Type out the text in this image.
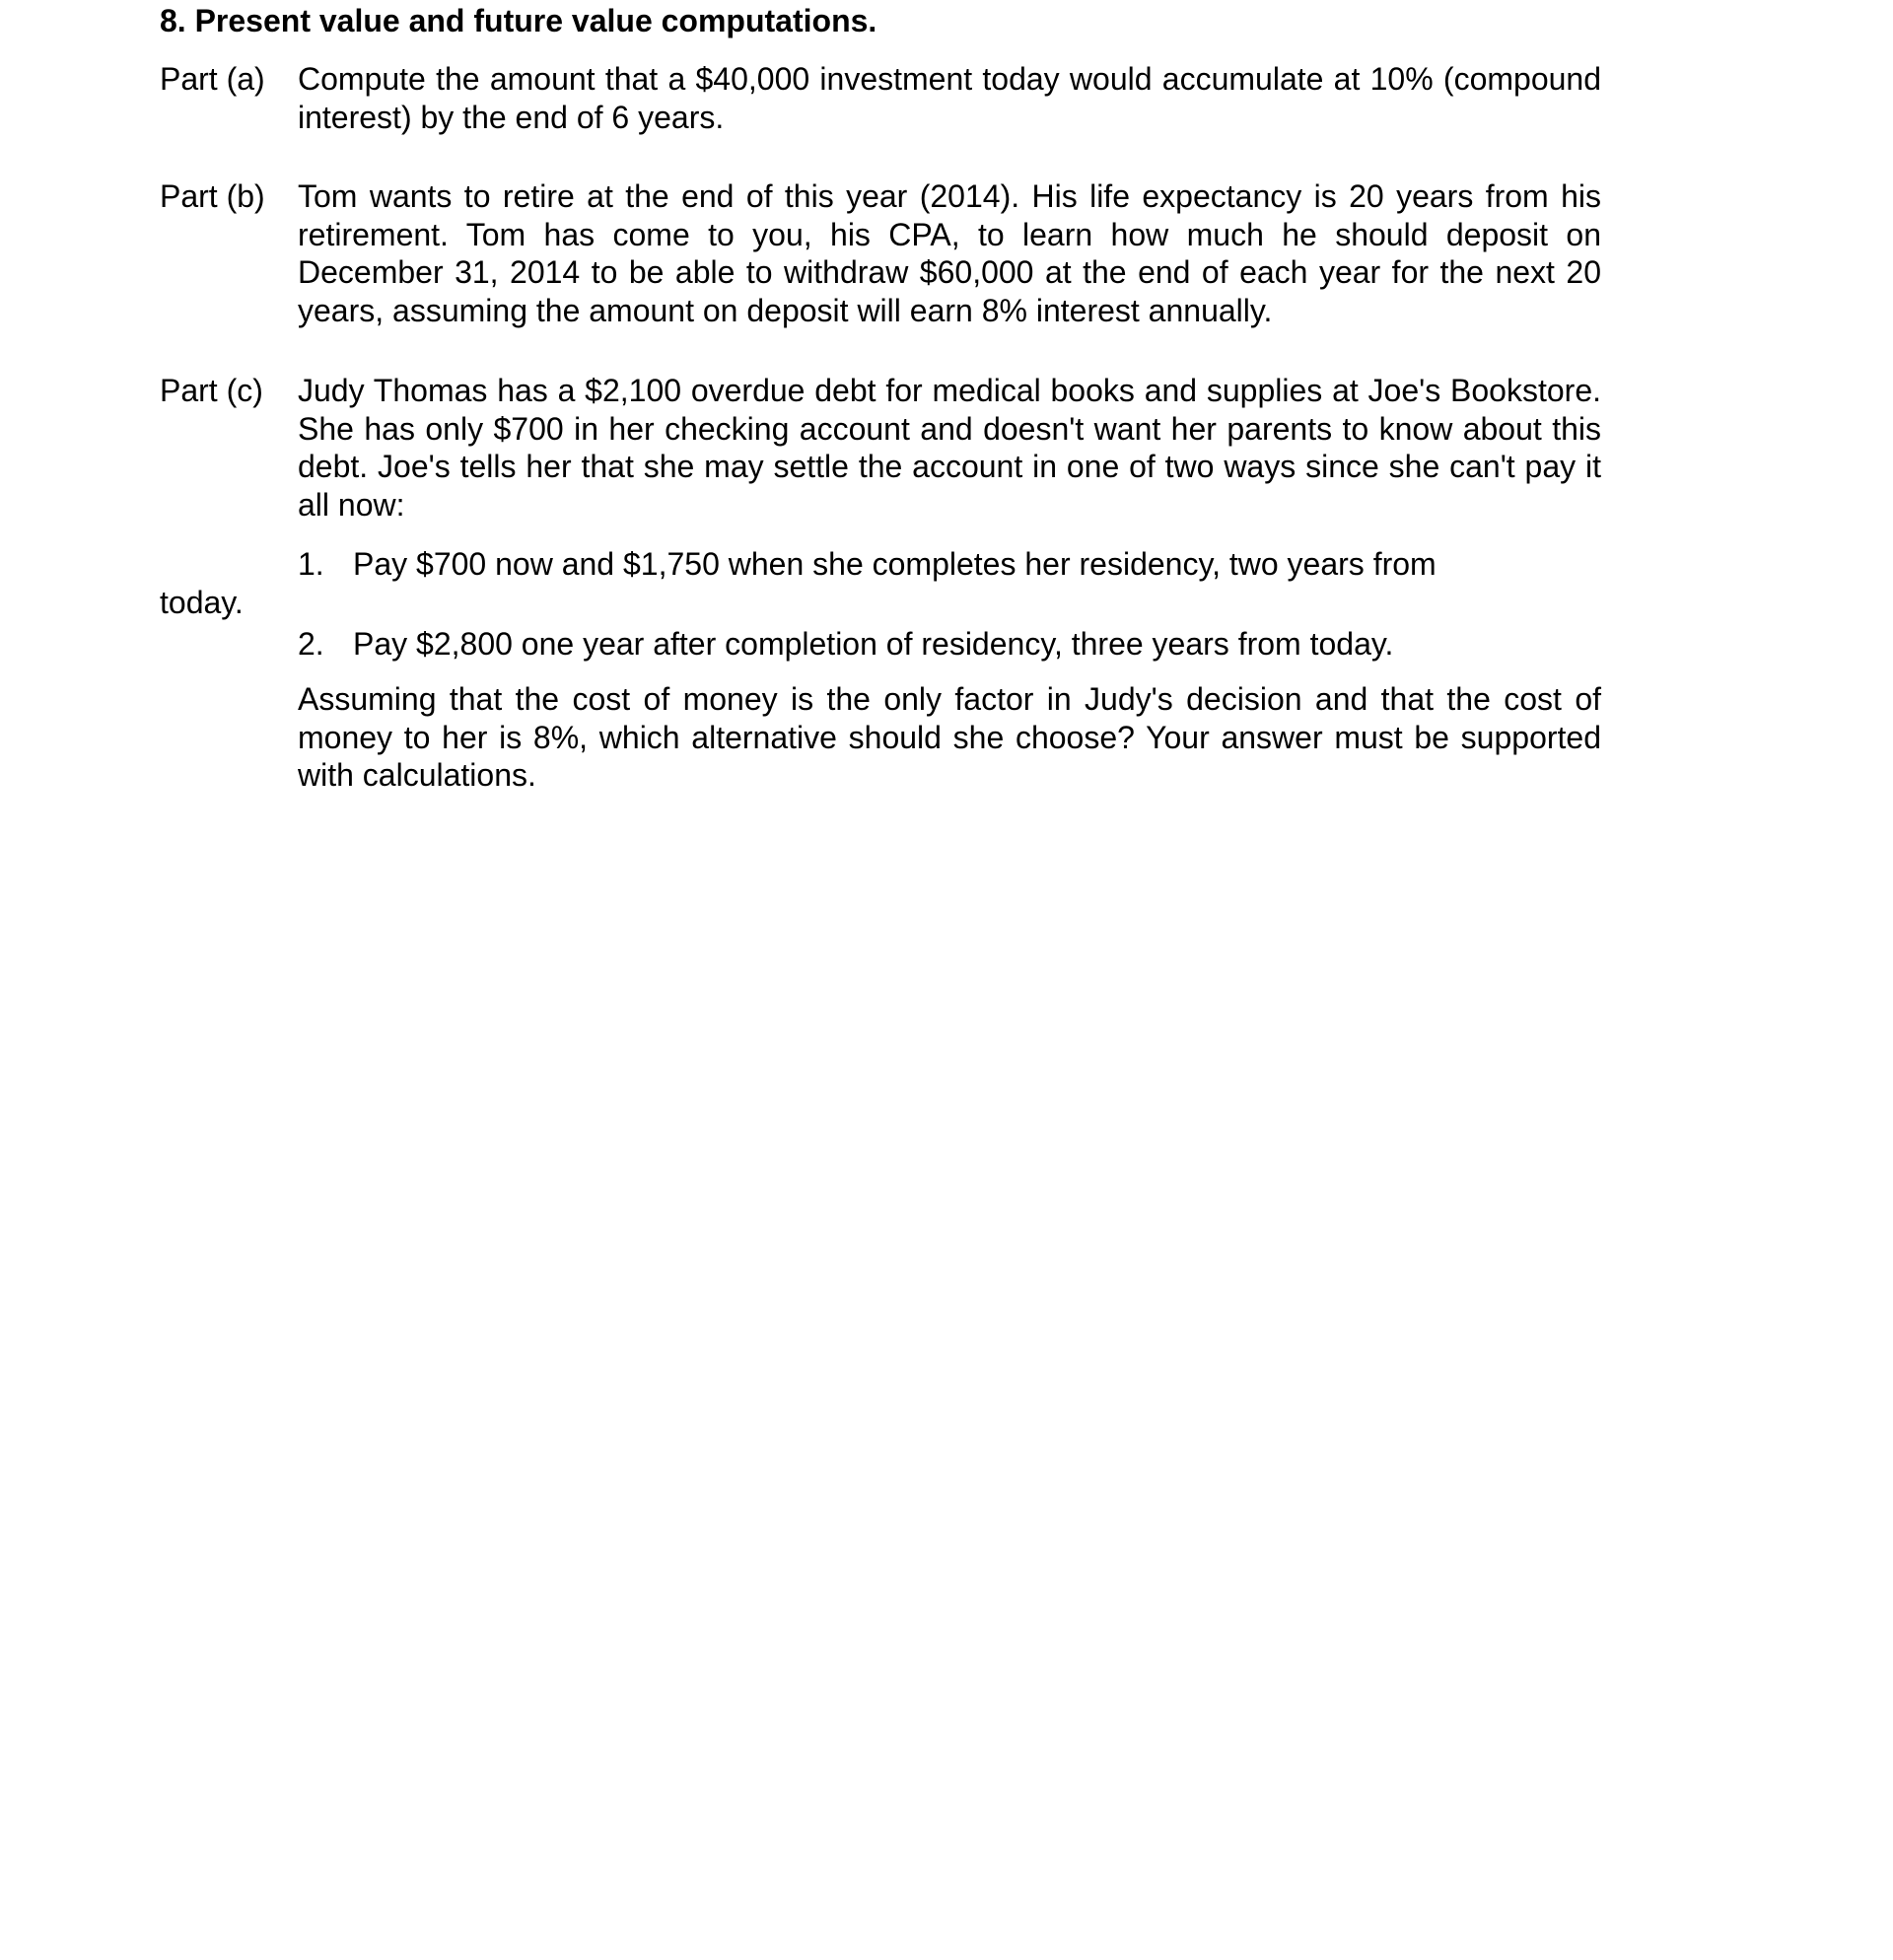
8. Present value and future value computations.
Part (a) Compute the amount that a $40,000 investment today would accumulate at 10% (compound interest) by the end of 6 years.
Part (b) Tom wants to retire at the end of this year (2014). His life expectancy is 20 years from his retirement. Tom has come to you, his CPA, to learn how much he should deposit on December 31, 2014 to be able to withdraw $60,000 at the end of each year for the next 20 years, assuming the amount on deposit will earn 8% interest annually.
Part (c) Judy Thomas has a $2,100 overdue debt for medical books and supplies at Joe's Bookstore. She has only $700 in her checking account and doesn't want her parents to know about this debt. Joe's tells her that she may settle the account in one of two ways since she can't pay it all now:
1. Pay $700 now and $1,750 when she completes her residency, two years from
today.
2. Pay $2,800 one year after completion of residency, three years from today.
Assuming that the cost of money is the only factor in Judy's decision and that the cost of money to her is 8%, which alternative should she choose? Your answer must be supported with calculations.
